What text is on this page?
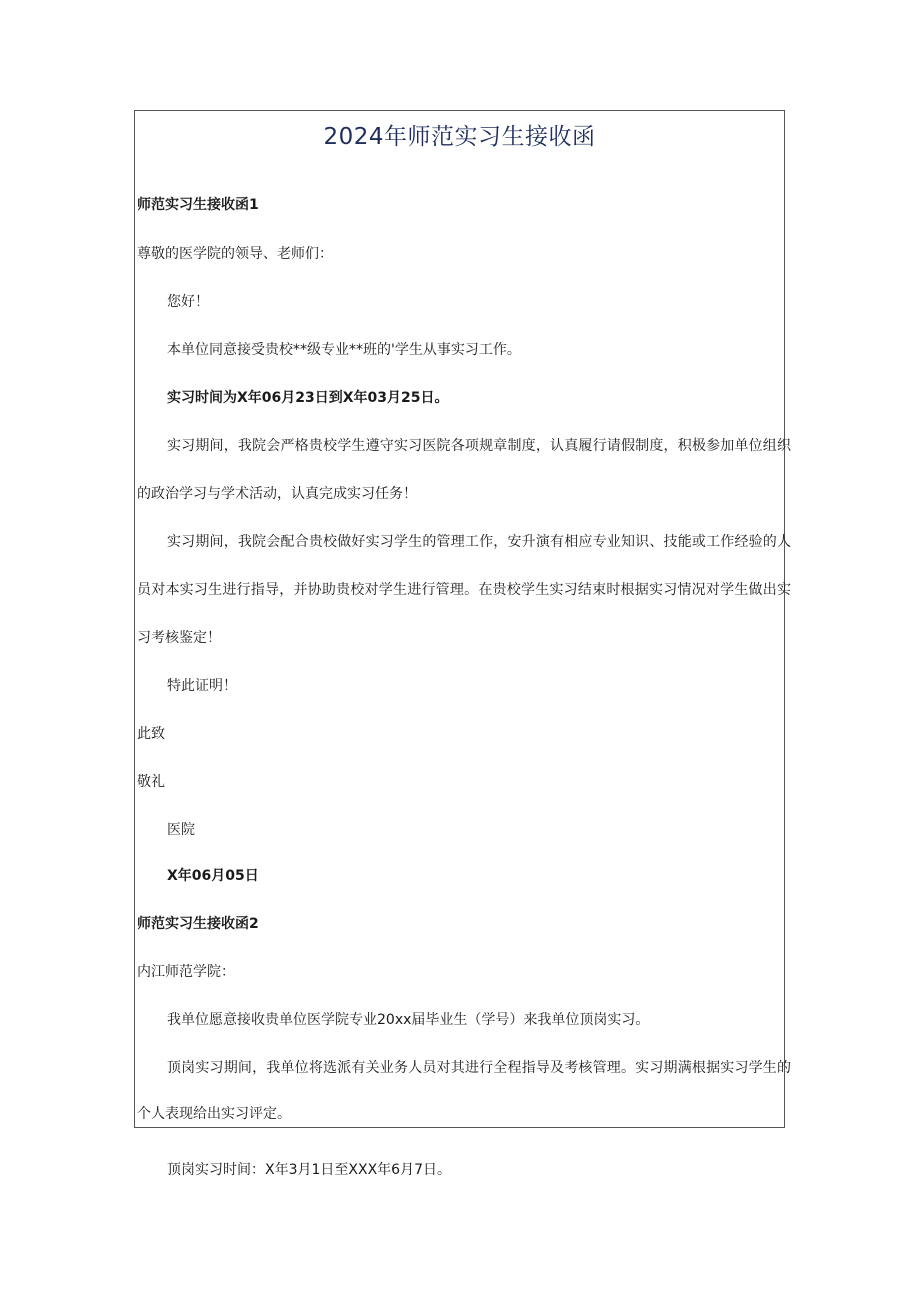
2024年师范实习生接收函
师范实习生接收函1
尊敬的医学院的领导、老师们：
您好！
本单位同意接受贵校**级专业**班的'学生从事实习工作。
实习时间为X年06月23日到X年03月25日。
实习期间，我院会严格贵校学生遵守实习医院各项规章制度，认真履行请假制度，积极参加单位组织
的政治学习与学术活动，认真完成实习任务！
实习期间，我院会配合贵校做好实习学生的管理工作，安升演有相应专业知识、技能或工作经验的人
员对本实习生进行指导，并协助贵校对学生进行管理。在贵校学生实习结束时根据实习情况对学生做出实
习考核鉴定！
特此证明！
此致
敬礼
医院
X年06月05日
师范实习生接收函2
内江师范学院：
我单位愿意接收贵单位医学院专业20xx届毕业生（学号）来我单位顶岗实习。
顶岗实习期间，我单位将选派有关业务人员对其进行全程指导及考核管理。实习期满根据实习学生的
个人表现给出实习评定。
顶岗实习时间：X年3月1日至XXX年6月7日。
